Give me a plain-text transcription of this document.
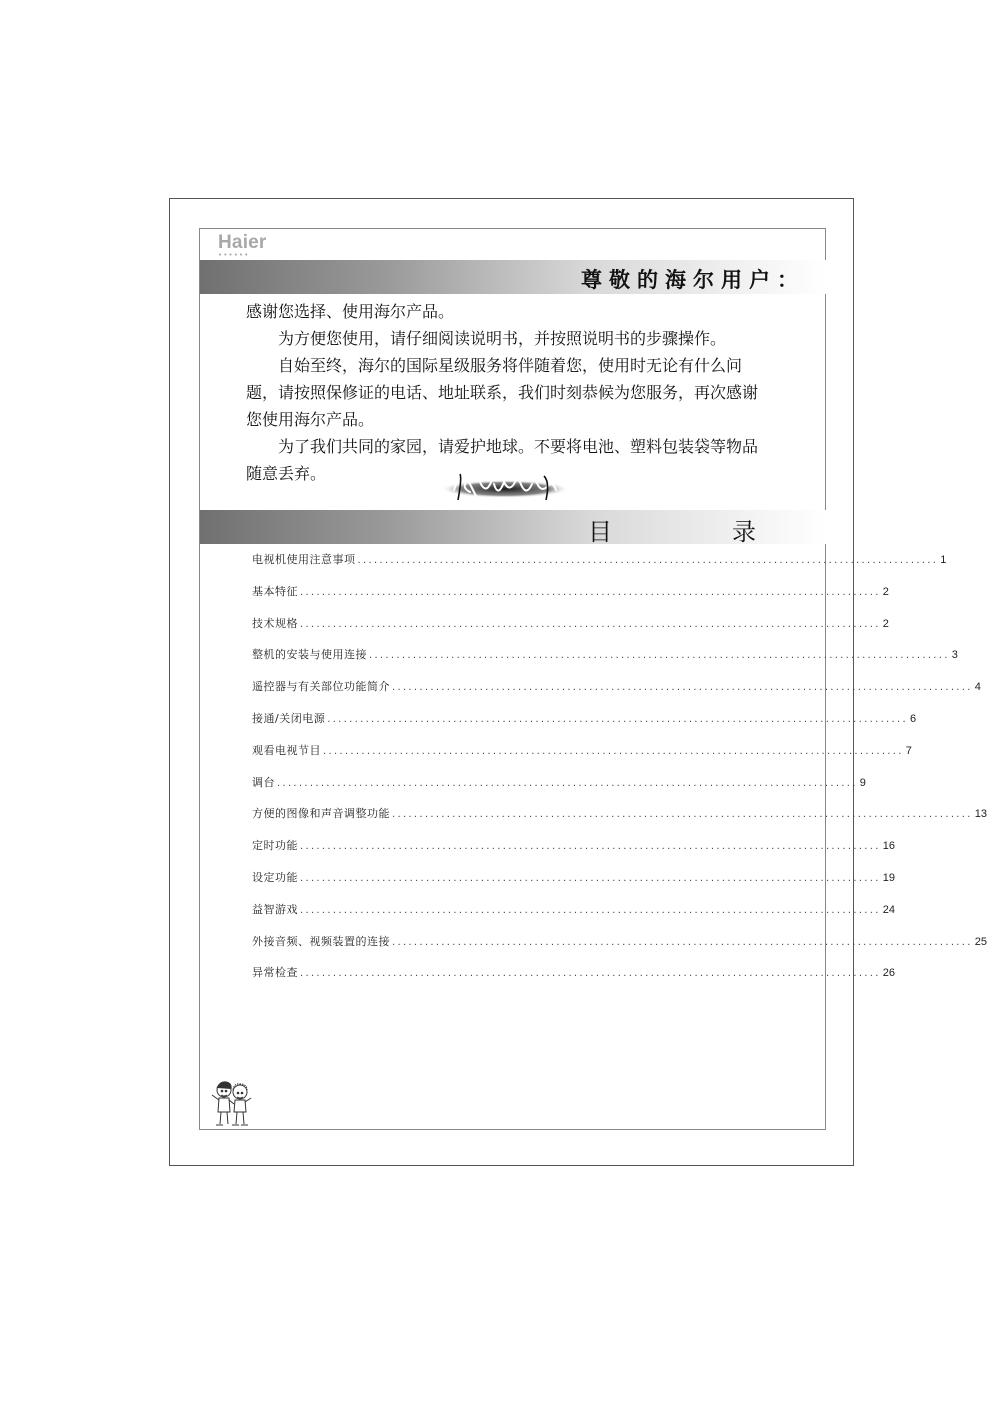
Haier
••••••
尊敬的海尔用户：

感谢您选择、使用海尔产品。

为方便您使用，请仔细阅读说明书，并按照说明书的步骤操作。

自始至终，海尔的国际星级服务将伴随着您，使用时无论有什么问题，请按照保修证的电话、地址联系，我们时刻恭候为您服务，再次感谢您使用海尔产品。

为了我们共同的家园，请爱护地球。不要将电池、塑料包装袋等物品随意丢弃。

目	录
电视机使用注意事项 .......................................................................................................... 1
基本特征 .......................................................................................................... 2
技术规格 .......................................................................................................... 2
整机的安装与使用连接 .......................................................................................................... 3
遥控器与有关部位功能简介 .......................................................................................................... 4
接通/关闭电源 .......................................................................................................... 6
观看电视节目 .......................................................................................................... 7
调台 .......................................................................................................... 9
方便的图像和声音调整功能 .......................................................................................................... 13
定时功能 .......................................................................................................... 16
设定功能 .......................................................................................................... 19
益智游戏 .......................................................................................................... 24
外接音频、视频装置的连接 .......................................................................................................... 25
异常检查 .......................................................................................................... 26
